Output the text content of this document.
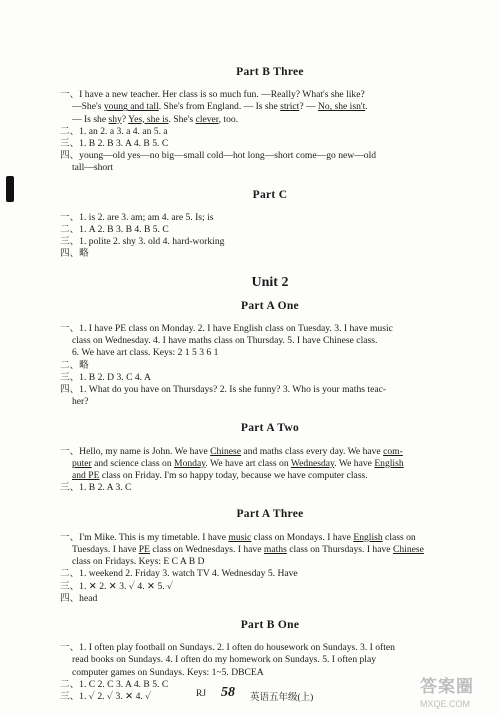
Part B Three

一、I have a new teacher. Her class is so much fun. —Really? What's she like?

—She's young and tall. She's from England. — Is she strict? — No, she isn't.

— Is she shy? Yes, she is. She's clever, too.

二、1. an 2. a 3. a 4. an 5. a

三、1. B 2. B 3. A 4. B 5. C

四、young—old yes—no big—small cold—hot long—short come—go new—old

tall—short

Part C

一、1. is 2. are 3. am; am 4. are 5. Is; is

二、1. A 2. B 3. B 4. B 5. C

三、1. polite 2. shy 3. old 4. hard-working

四、略

Unit 2
Part A One

一、1. I have PE class on Monday. 2. I have English class on Tuesday. 3. I have music

class on Wednesday. 4. I have maths class on Thursday. 5. I have Chinese class.

6. We have art class. Keys: 2 1 5 3 6 1

二、略

三、1. B 2. D 3. C 4. A

四、1. What do you have on Thursdays? 2. Is she funny? 3. Who is your maths teac-

her?

Part A Two

一、Hello, my name is John. We have Chinese and maths class every day. We have com-

puter and science class on Monday. We have art class on Wednesday. We have English

and PE class on Friday. I'm so happy today, because we have computer class.

三、1. B 2. A 3. C

Part A Three

一、I'm Mike. This is my timetable. I have music class on Mondays. I have English class on

Tuesdays. I have PE class on Wednesdays. I have maths class on Thursdays. I have Chinese

class on Fridays. Keys: E C A B D

二、1. weekend 2. Friday 3. watch TV 4. Wednesday 5. Have

三、1. ✕ 2. ✕ 3. ✓ 4. ✕ 5. ✓

四、head

Part B One

一、1. I often play football on Sundays. 2. I often do housework on Sundays. 3. I often

read books on Sundays. 4. I often do my homework on Sundays. 5. I often play

computer games on Sundays. Keys: 1~5. DBCEA

二、1. C 2. C 3. A 4. B 5. C

三、1. ✓ 2. ✓ 3. ✕ 4. ✓	RJ 58 英语五年级(上)
答案圈
MXQE.COM
